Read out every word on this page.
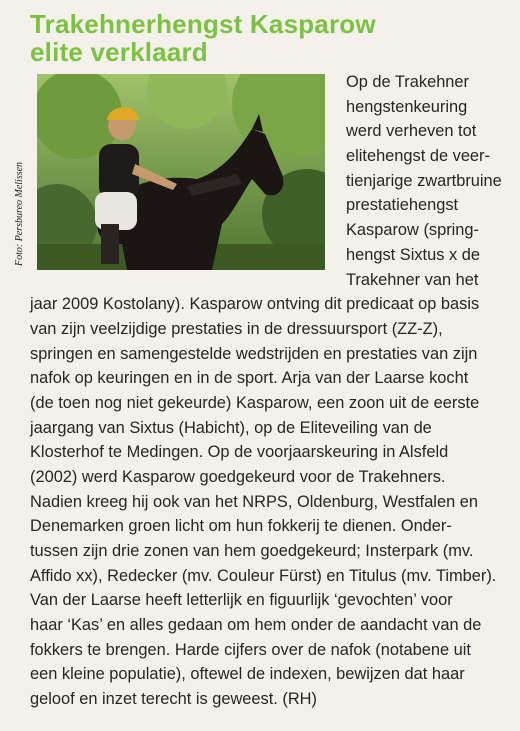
Trakehnerhengst Kasparow
elite verklaard
Foto: Persbureo Melissen
Op de Trakehner
hengstenkeuring
werd verheven tot
elitehengst de veer-
tienjarige zwartbruine
prestatiehengst
Kasparow (spring-
hengst Sixtus x de
Trakehner van het
jaar 2009 Kostolany). Kasparow ontving dit predicaat op basis
van zijn veelzijdige prestaties in de dressuursport (ZZ-Z),
springen en samengestelde wedstrijden en prestaties van zijn
nafok op keuringen en in de sport. Arja van der Laarse kocht
(de toen nog niet gekeurde) Kasparow, een zoon uit de eerste
jaargang van Sixtus (Habicht), op de Eliteveiling van de
Klosterhof te Medingen. Op de voorjaarskeuring in Alsfeld
(2002) werd Kasparow goedgekeurd voor de Trakehners.
Nadien kreeg hij ook van het NRPS, Oldenburg, Westfalen en
Denemarken groen licht om hun fokkerij te dienen. Onder-
tussen zijn drie zonen van hem goedgekeurd; Insterpark (mv.
Affido xx), Redecker (mv. Couleur Fürst) en Titulus (mv. Timber).
Van der Laarse heeft letterlijk en figuurlijk ‘gevochten’ voor
haar ‘Kas’ en alles gedaan om hem onder de aandacht van de
fokkers te brengen. Harde cijfers over de nafok (notabene uit
een kleine populatie), oftewel de indexen, bewijzen dat haar
geloof en inzet terecht is geweest. (RH)
